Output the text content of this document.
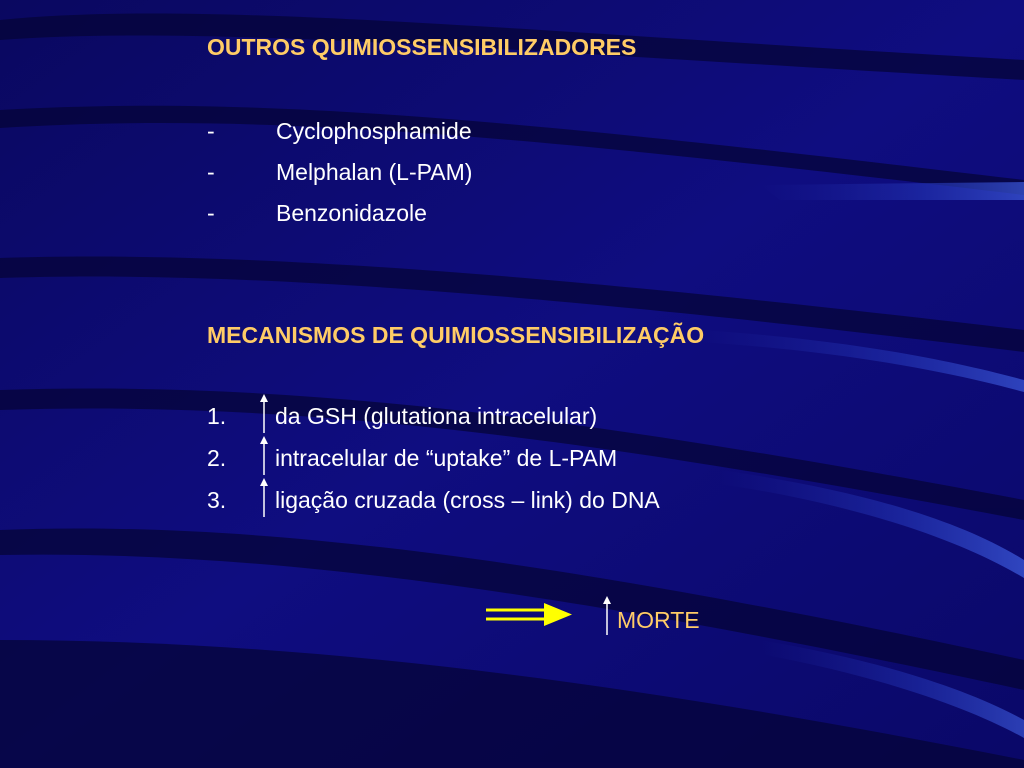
OUTROS QUIMIOSSENSIBILIZADORES
-	Cyclophosphamide
-	Melphalan (L-PAM)
-	Benzonidazole
MECANISMOS DE QUIMIOSSENSIBILIZAÇÃO
1. da GSH (glutationa intracelular)
2. intracelular de “uptake” de L-PAM
3. ligação cruzada (cross – link) do DNA
MORTE
